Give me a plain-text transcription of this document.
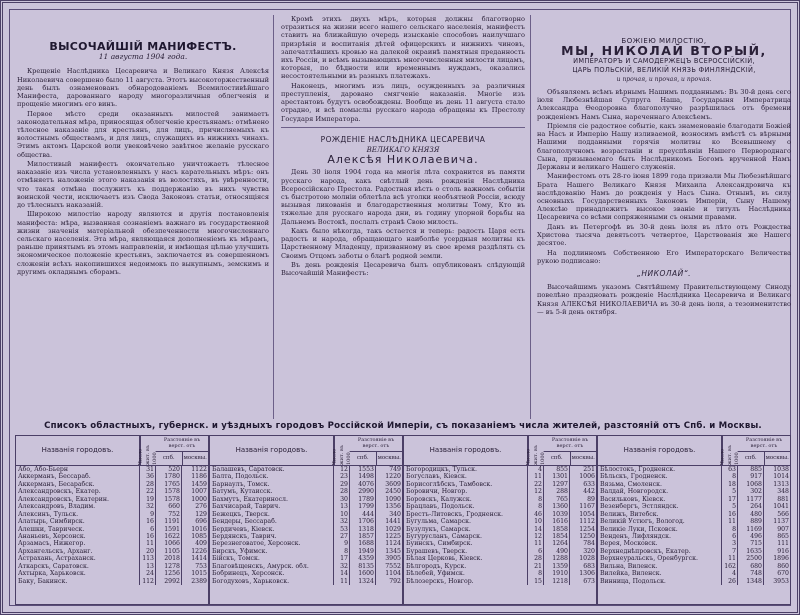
ВЫСОЧАЙШІЙ МАНИФЕСТЪ.
11 августа 1904 года.

Крещеніе Наслѣдника Цесаревича и Великаго Князя Алексѣя Николаевича совершено было 11 августа. Этотъ высокоторжественный день былъ ознаменованъ обнародованіемъ Всемилостивѣйшаго Манифеста, дарованнаго народу многоразличныя облегченія и прощеніе многимъ его винъ.

Первое мѣсто среди оказанныхъ милостей занимаетъ законодательная мѣра, приносящая облегченіе крестьянамъ: отмѣнено тѣлесное наказаніе для крестьянъ, для лицъ, причисляемыхъ къ волостнымъ обществамъ, и для лицъ, служащихъ въ нижнихъ чинахъ. Этимъ актомъ Царской воли увековѣчено завѣтное желаніе русскаго общества.

Милостивый манифестъ окончательно уничтожаетъ тѣлесное наказаніе изъ числа установленныхъ у насъ карательныхъ мѣръ: онъ отмѣняетъ наложеніе этого наказанія въ волостяхъ, въ увѣренности, что такая отмѣна послужитъ къ поддержанію въ нихъ чувства воинской чести, исключаетъ изъ Свода Законовъ статьи, относящіяся до тѣлесныхъ наказаній.

Широкою милостію народу являются и другія постановленія манифеста: мѣра, вызванная сознаніемъ важнаго въ государственной жизни значенія матеріальной обезпеченности многочисленнаго сельскаго населенія. Эта мѣра, являющаяся дополненіемъ къ мѣрамъ, раньше принятымъ въ этомъ направленіи, и имѣющая цѣлью улучшить экономическое положеніе крестьянъ, заключается въ совершенномъ сложеніи всѣхъ накопившихся недоимокъ по выкупнымъ, земскимъ и другимъ окладнымъ сборамъ.

Кромѣ этихъ двухъ мѣръ, которыя должны благотворно отразиться на жизни всего нашего сельскаго населенія, манифестъ ставитъ на ближайшую очередь изысканіе способовъ наилучшаго призрѣнія и воспитанія дѣтей офицерскихъ и нижнихъ чиновъ, запечатлѣвшихъ кровью на далекой окраинѣ памятныя преданность ихъ Россіи, и всѣмъ вызывающихъ многочисленныя милости лицамъ, которыя, по бѣдности или временнымъ нуждамъ, оказались несостоятельными въ разныхъ платежахъ.

Наконецъ, многимъ изъ лицъ, осужденныхъ за различныя преступленія, даровано смягченіе наказанія. Многіе изъ арестантовъ будутъ освобождены. Вообще въ день 11 августа стало отрадно, и всѣ помыслы русскаго народа обращены къ Престолу Государя Императора.

РОЖДЕНІЕ НАСЛѢДНИКА ЦЕСАРЕВИЧА
ВЕЛИКАГО КНЯЗЯ
Алексѣя Николаевича.

День 30 іюля 1904 года на многія лѣта сохранится въ памяти русскаго народа, какъ свѣтлый день рожденія Наслѣдника Всероссійскаго Престола. Радостная вѣсть о столь важномъ событіи съ быстротою молніи облетѣла всѣ уголки необъятной Россіи, всюду вызывая ликованія и благодарственныя молитвы Тому, Кто въ тяжелые для русскаго народа дни, въ годину упорной борьбы на Дальнемъ Востокѣ, послалъ странѣ Свою милость.

Какъ было нѣкогда, такъ остается и теперь: радость Царя есть радость и народа, обращающаго наиболѣе усердныя молитвы къ Царственному Младенцу, призванному въ свое время раздѣлять съ Своимъ Отцомъ заботы о благѣ родной земли.

Въ день рожденія Цесаревича былъ опубликованъ слѣдующій Высочайшій Манифестъ:

БОЖІЕЮ МИЛОСТІЮ,
МЫ, НИКОЛАЙ ВТОРЫЙ,
ИМПЕРАТОРЪ И САМОДЕРЖЕЦЪ ВСЕРОССІЙСКІЙ,
ЦАРЬ ПОЛЬСКІЙ, ВЕЛИКІЙ КНЯЗЬ ФИНЛЯНДСКІЙ,
и прочая, и прочая, и прочая.

Объявляемъ всѣмъ вѣрнымъ Нашимъ подданнымъ: Въ 30-й день сего іюля Любезнѣйшая Супруга Наша, Государыня Императрица Александра Ѳеодоровна благополучно разрѣшилась отъ бремени рожденіемъ Намъ Сына, нареченнаго Алексѣемъ.

Пріемля сіе радостное событіе, какъ знаменованіе благодати Божіей на Насъ и Имперію Нашу изливаемой, возносимъ вмѣстѣ съ вѣрными Нашими подданными горячія молитвы ко Всевышнему о благополучномъ возрастаніи и преуспѣяніи Нашего Первороднаго Сына, призываемаго быть Наслѣдникомъ Богомъ врученной Намъ Державы и великаго Нашего служенія.

Манифестомъ отъ 28-го іюня 1899 года призвали Мы Любезнѣйшаго Брата Нашего Великаго Князя Михаила Александровича къ наслѣдованію Намъ до рожденія у Насъ Сына. Отнынѣ, въ силу основныхъ Государственныхъ Законовъ Имперіи, Сыну Нашему Алексѣю принадлежитъ высокое званіе и титулъ Наслѣдника Цесаревича со всѣми сопряженными съ оными правами.

Данъ въ Петергофѣ въ 30-й день іюля въ лѣто отъ Рождества Христова тысяча девятьсотъ четвертое, Царствованія же Нашего десятое.

На подлинномъ Собственною Его Императорскаго Величества рукою подписано:

„НИКОЛАЙ“.

Высочайшимъ указомъ Святѣйшему Правительствующему Синоду повелѣно праздновать рожденіе Наслѣдника Цесаревича и Великаго Князя АЛЕКСѢЯ НИКОЛАЕВИЧА въ 30-й день іюля, а тезоименитство — въ 5-й день октября.

Списокъ областныхъ, губернск. и уѣздныхъ городовъ Россійской Имперіи, съ показаніемъ числа жителей, разстояній отъ Спб. и Москвы.
Названія городовъ.	Число жит. въ 1000.
Разстояніе въ верст. отъ
спб.	москвы.
Або, Або-Бьерн	31	520	1122
Аккерманъ, Бессараб.	36	1780	1186
Аккерманъ, Бесарабск.	28	1765	1459
Александровскъ, Екатер.	22	1578	1007
Александровскъ, Екатерин.	19	1578	1000
Александровъ, Владим.	32	660	276
Алексинъ, Тульск.	9	752	129
Алатырь, Симбирск.	16	1191	696
Алешки, Таврическ.	6	1591	1016
Ананьевъ, Херсонск.	16	1622	1085
Арзамасъ, Нижегор.	11	1066	409
Архангельскъ, Арханг.	20	1105	1226
Астрахань, Астраханск.	113	2018	1414
Аткарскъ, Саратовск.	13	1278	753
Ахтырка, Харьковск.	24	1256	1015
Баку, Бакинск.	112	2992	2389
Названія городовъ.	Число жит. въ 1000.
Разстояніе въ верст. отъ
спб.	москвы.
Балашевъ, Саратовск.	12	1553	749
Балта, Подольск.	23	1498	1220
Барнаулъ, Томск.	29	4076	3609
Батумъ, Кутаисск.	28	2990	2450
Бахмутъ, Екатериносл.	30	1789	1090
Бахчисарай, Таврич.	13	1799	1356
Бежецкъ, Тверск.	10	444	340
Бендеры, Бессараб.	32	1706	1441
Бердичевъ, Кіевск.	53	1318	1029
Бердянскъ, Таврич.	27	1857	1225
Березнеговатое, Херсонск.	9	1688	1124
Бирскъ, Уфимск.	8	1949	1345
Бійскъ, Томск.	17	4359	3905
Благовѣщенскъ, Амурск. обл.	32	8135	7552
Бобринецъ, Херсонск.	14	1600	1104
Богодуховъ, Харьковск.	11	1324	792
Названія городовъ.	Число жит. въ 1000.
Разстояніе въ верст. отъ
спб.	москвы.
Богородицкъ, Тульск.	4	855	251
Богуславъ, Кіевск.	11	1301	1006
Борисоглѣбскъ, Тамбовск.	22	1297	633
Боровичи, Новгор.	12	288	442
Боровскъ, Калужск.	8	765	89
Брацлавъ, Подольск.	8	1360	1167
Брестъ-Литовскъ, Гродненск.	46	1039	1054
Бугульма, Самарск.	10	1616	1112
Бузулукъ, Самарск.	14	1858	1254
Бугурусланъ, Самарск.	12	1854	1250
Буинскъ, Симбирск.	11	1264	784
Бурашевъ, Тверск.	6	490	320
Бѣлая Церковь, Кіевск.	28	1288	1028
Бѣлгородъ, Курск.	21	1359	683
Бѣлебей, Уфимск.	8	1910	1306
Бѣлозерскъ, Новгор.	15	1218	673
Названія городовъ.	Число жит. въ 1000.
Разстояніе въ верст. отъ
спб.	москвы.
Бѣлостокъ, Гродненск.	63	885	1038
Бѣльскъ, Гродненск.	8	917	1014
Вязьма, Смоленск.	18	1068	1313
Валдай, Новгородск.	5	302	348
Васильковъ, Кіевск.	17	1177	881
Везенбергъ, Эстляндск.	5	264	1041
Велижъ, Витебск.	16	480	566
Великій Устюгъ, Вологод.	11	889	1137
Великіе Луки, Псковск.	8	1169	907
Венденъ, Лифляндск.	6	496	865
Верея, Московск.	3	715	111
Верхнеднѣпровскъ, Екатер.	7	1635	916
Верхнеуральскъ, Оренбургск.	11	2500	1896
Вильна, Виленск.	162	680	860
Вилейка, Виленск.	4	748	670
Винница, Подольск.	26	1348	3953
